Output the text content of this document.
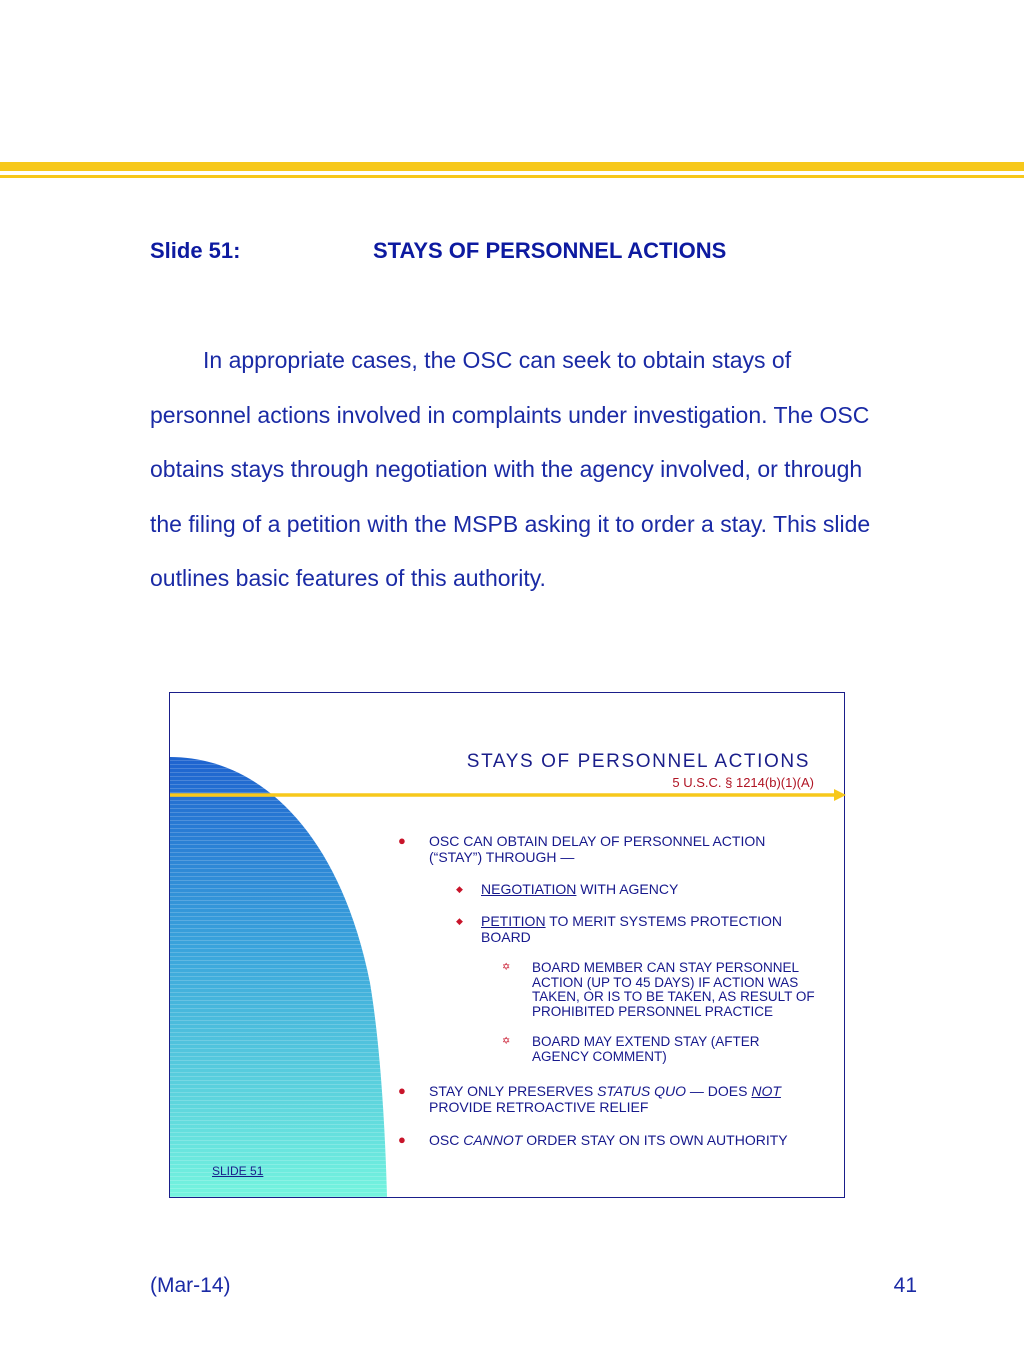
Slide 51:	STAYS OF PERSONNEL ACTIONS

In appropriate cases, the OSC can seek to obtain stays of personnel actions involved in complaints under investigation. The OSC obtains stays through negotiation with the agency involved, or through the filing of a petition with the MSPB asking it to order a stay. This slide outlines basic features of this authority.

STAYS OF PERSONNEL ACTIONS
5 U.S.C. § 1214(b)(1)(A)
● OSC CAN OBTAIN DELAY OF PERSONNEL ACTION (“STAY”) THROUGH —
◆ NEGOTIATION WITH AGENCY
◆ PETITION TO MERIT SYSTEMS PROTECTION BOARD
✡ BOARD MEMBER CAN STAY PERSONNEL ACTION (UP TO 45 DAYS) IF ACTION WAS TAKEN, OR IS TO BE TAKEN, AS RESULT OF PROHIBITED PERSONNEL PRACTICE
✡ BOARD MAY EXTEND STAY (AFTER AGENCY COMMENT)
● STAY ONLY PRESERVES STATUS QUO — DOES NOT PROVIDE RETROACTIVE RELIEF
● OSC CANNOT ORDER STAY ON ITS OWN AUTHORITY
SLIDE 51
(Mar-14)	41
